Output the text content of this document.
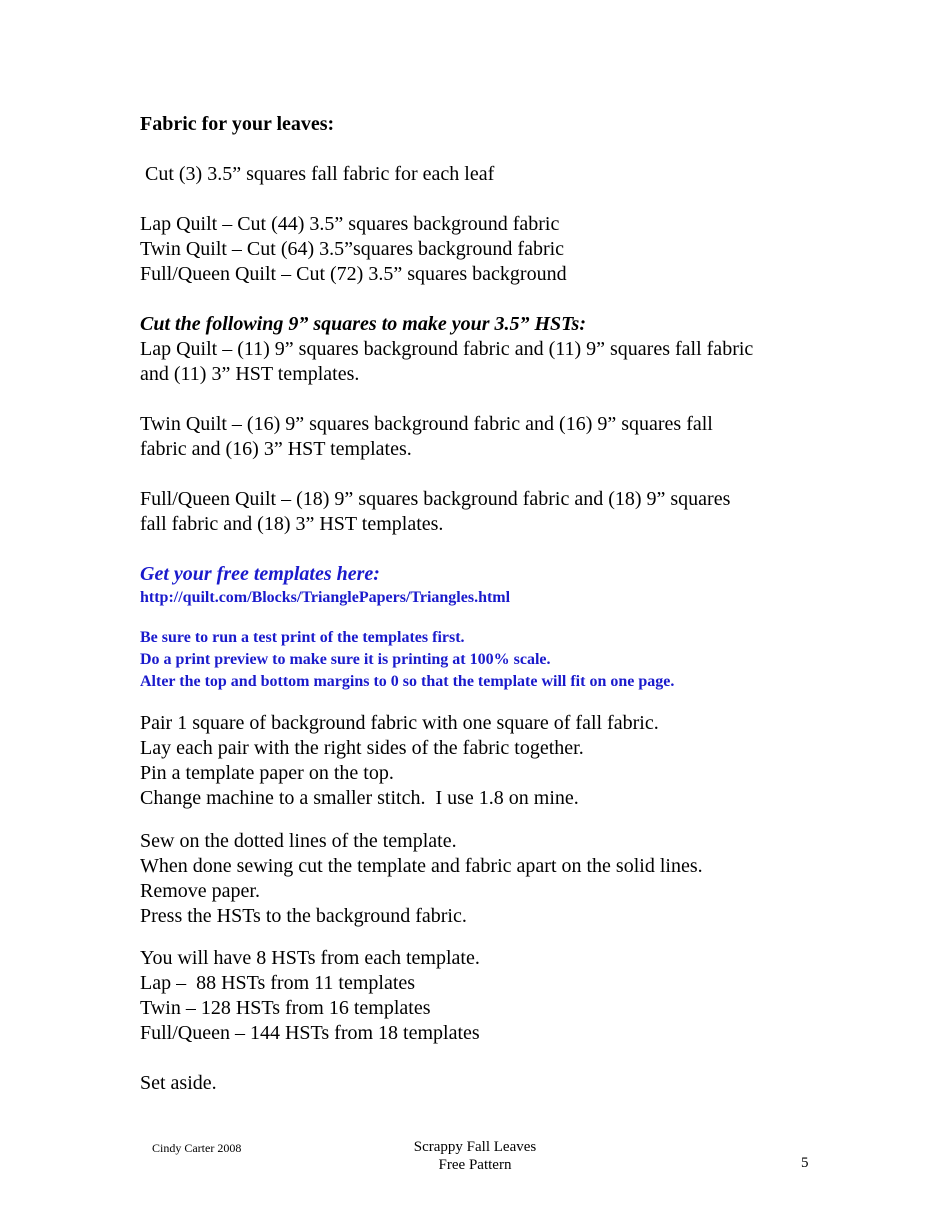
Fabric for your leaves:
Cut (3) 3.5” squares fall fabric for each leaf
Lap Quilt – Cut (44) 3.5” squares background fabric
Twin Quilt – Cut (64) 3.5”squares background fabric
Full/Queen Quilt – Cut (72) 3.5” squares background
Cut the following 9” squares to make your 3.5” HSTs:
Lap Quilt – (11) 9” squares background fabric and (11) 9” squares fall fabric
and (11) 3” HST templates.
Twin Quilt – (16) 9” squares background fabric and (16) 9” squares fall
fabric and (16) 3” HST templates.
Full/Queen Quilt – (18) 9” squares background fabric and (18) 9” squares
fall fabric and (18) 3” HST templates.
Get your free templates here:
http://quilt.com/Blocks/TrianglePapers/Triangles.html
Be sure to run a test print of the templates first.
Do a print preview to make sure it is printing at 100% scale.
Alter the top and bottom margins to 0 so that the template will fit on one page.
Pair 1 square of background fabric with one square of fall fabric.
Lay each pair with the right sides of the fabric together.
Pin a template paper on the top.
Change machine to a smaller stitch.  I use 1.8 on mine.
Sew on the dotted lines of the template.
When done sewing cut the template and fabric apart on the solid lines.
Remove paper.
Press the HSTs to the background fabric.
You will have 8 HSTs from each template.
Lap –  88 HSTs from 11 templates
Twin – 128 HSTs from 16 templates
Full/Queen – 144 HSTs from 18 templates
Set aside.
Cindy Carter 2008	Scrappy Fall Leaves
Free Pattern	5
